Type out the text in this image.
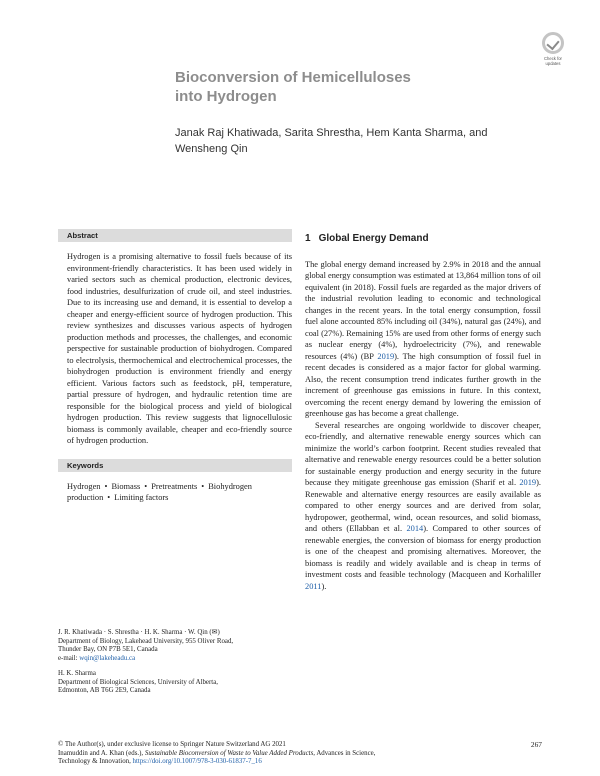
Check for
updates
Bioconversion of Hemicelluloses
into Hydrogen

Janak Raj Khatiwada, Sarita Shrestha, Hem Kanta Sharma, and Wensheng Qin

Abstract

Hydrogen is a promising alternative to fossil fuels because of its environment-friendly characteristics. It has been used widely in varied sectors such as chemical production, electronic devices, food industries, desulfurization of crude oil, and steel industries. Due to its increasing use and demand, it is essential to develop a cheaper and energy-efficient source of hydrogen production. This review synthesizes and discusses various aspects of hydrogen production methods and processes, the challenges, and economic perspective for sustainable production of biohydrogen. Compared to electrolysis, thermochemical and electrochemical processes, the biohydrogen production is environment friendly and energy efficient. Various factors such as feedstock, pH, temperature, partial pressure of hydrogen, and hydraulic retention time are responsible for the biological process and yield of biological hydrogen production. This review suggests that lignocellulosic biomass is commonly available, cheaper and eco-friendly source of hydrogen production.

Keywords

Hydrogen • Biomass • Pretreatments • Biohydrogen production • Limiting factors

J. R. Khatiwada · S. Shrestha · H. K. Sharma · W. Qin (✉)

Department of Biology, Lakehead University, 955 Oliver Road,

Thunder Bay, ON P7B 5E1, Canada

e-mail: wqin@lakeheadu.ca

H. K. Sharma

Department of Biological Sciences, University of Alberta,

Edmonton, AB T6G 2E9, Canada

1 Global Energy Demand

The global energy demand increased by 2.9% in 2018 and the annual global energy consumption was estimated at 13,864 million tons of oil equivalent (in 2018). Fossil fuels are regarded as the major drivers of the industrial revolution leading to economic and technological changes in the recent years. In the total energy consumption, fossil fuel alone accounted 85% including oil (34%), natural gas (24%), and coal (27%). Remaining 15% are used from other forms of energy such as nuclear energy (4%), hydroelectricity (7%), and renewable resources (4%) (BP 2019). The high consumption of fossil fuel in recent decades is considered as a major factor for global warming. Also, the recent consumption trend indicates further growth in the increment of greenhouse gas emissions in future. In this context, overcoming the recent energy demand by lowering the emission of greenhouse gas has become a great challenge.

Several researches are ongoing worldwide to discover cheaper, eco-friendly, and alternative renewable energy sources which can minimize the world’s carbon footprint. Recent studies revealed that alternative and renewable energy resources could be a better solution for sustainable energy production and energy security in the future because they mitigate greenhouse gas emission (Sharif et al. 2019). Renewable and alternative energy resources are easily available as compared to other energy sources and are derived from solar, hydropower, geothermal, wind, ocean resources, and solid biomass, and others (Ellabban et al. 2014). Compared to other sources of renewable energies, the conversion of biomass for energy production is one of the cheapest and promising alternatives. Moreover, the biomass is readily and widely available and is cheap in terms of investment costs and feasible technology (Macqueen and Korhaliller 2011).

267

© The Author(s), under exclusive license to Springer Nature Switzerland AG 2021

Inamuddin and A. Khan (eds.), Sustainable Bioconversion of Waste to Value Added Products, Advances in Science,

Technology & Innovation, https://doi.org/10.1007/978-3-030-61837-7_16
